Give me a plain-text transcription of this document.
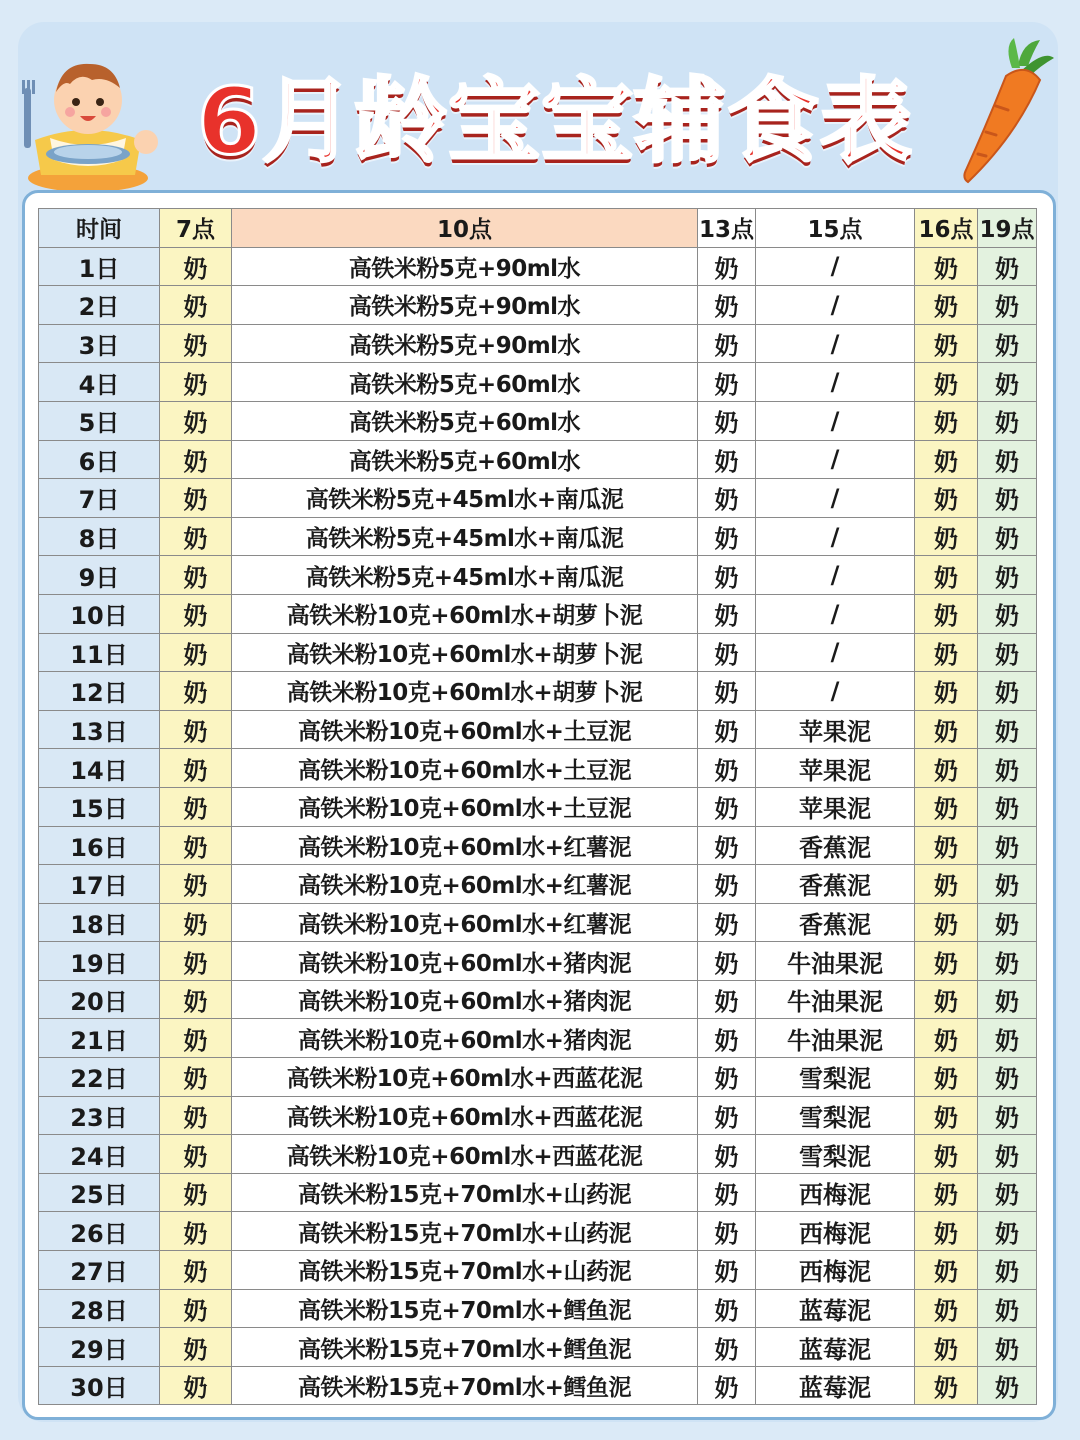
6月龄宝宝辅食表
时间	7点	10点	13点	15点	16点	19点
1日	奶	高铁米粉5克+90ml水	奶	/	奶	奶
2日	奶	高铁米粉5克+90ml水	奶	/	奶	奶
3日	奶	高铁米粉5克+90ml水	奶	/	奶	奶
4日	奶	高铁米粉5克+60ml水	奶	/	奶	奶
5日	奶	高铁米粉5克+60ml水	奶	/	奶	奶
6日	奶	高铁米粉5克+60ml水	奶	/	奶	奶
7日	奶	高铁米粉5克+45ml水+南瓜泥	奶	/	奶	奶
8日	奶	高铁米粉5克+45ml水+南瓜泥	奶	/	奶	奶
9日	奶	高铁米粉5克+45ml水+南瓜泥	奶	/	奶	奶
10日	奶	高铁米粉10克+60ml水+胡萝卜泥	奶	/	奶	奶
11日	奶	高铁米粉10克+60ml水+胡萝卜泥	奶	/	奶	奶
12日	奶	高铁米粉10克+60ml水+胡萝卜泥	奶	/	奶	奶
13日	奶	高铁米粉10克+60ml水+土豆泥	奶	苹果泥	奶	奶
14日	奶	高铁米粉10克+60ml水+土豆泥	奶	苹果泥	奶	奶
15日	奶	高铁米粉10克+60ml水+土豆泥	奶	苹果泥	奶	奶
16日	奶	高铁米粉10克+60ml水+红薯泥	奶	香蕉泥	奶	奶
17日	奶	高铁米粉10克+60ml水+红薯泥	奶	香蕉泥	奶	奶
18日	奶	高铁米粉10克+60ml水+红薯泥	奶	香蕉泥	奶	奶
19日	奶	高铁米粉10克+60ml水+猪肉泥	奶	牛油果泥	奶	奶
20日	奶	高铁米粉10克+60ml水+猪肉泥	奶	牛油果泥	奶	奶
21日	奶	高铁米粉10克+60ml水+猪肉泥	奶	牛油果泥	奶	奶
22日	奶	高铁米粉10克+60ml水+西蓝花泥	奶	雪梨泥	奶	奶
23日	奶	高铁米粉10克+60ml水+西蓝花泥	奶	雪梨泥	奶	奶
24日	奶	高铁米粉10克+60ml水+西蓝花泥	奶	雪梨泥	奶	奶
25日	奶	高铁米粉15克+70ml水+山药泥	奶	西梅泥	奶	奶
26日	奶	高铁米粉15克+70ml水+山药泥	奶	西梅泥	奶	奶
27日	奶	高铁米粉15克+70ml水+山药泥	奶	西梅泥	奶	奶
28日	奶	高铁米粉15克+70ml水+鳕鱼泥	奶	蓝莓泥	奶	奶
29日	奶	高铁米粉15克+70ml水+鳕鱼泥	奶	蓝莓泥	奶	奶
30日	奶	高铁米粉15克+70ml水+鳕鱼泥	奶	蓝莓泥	奶	奶
